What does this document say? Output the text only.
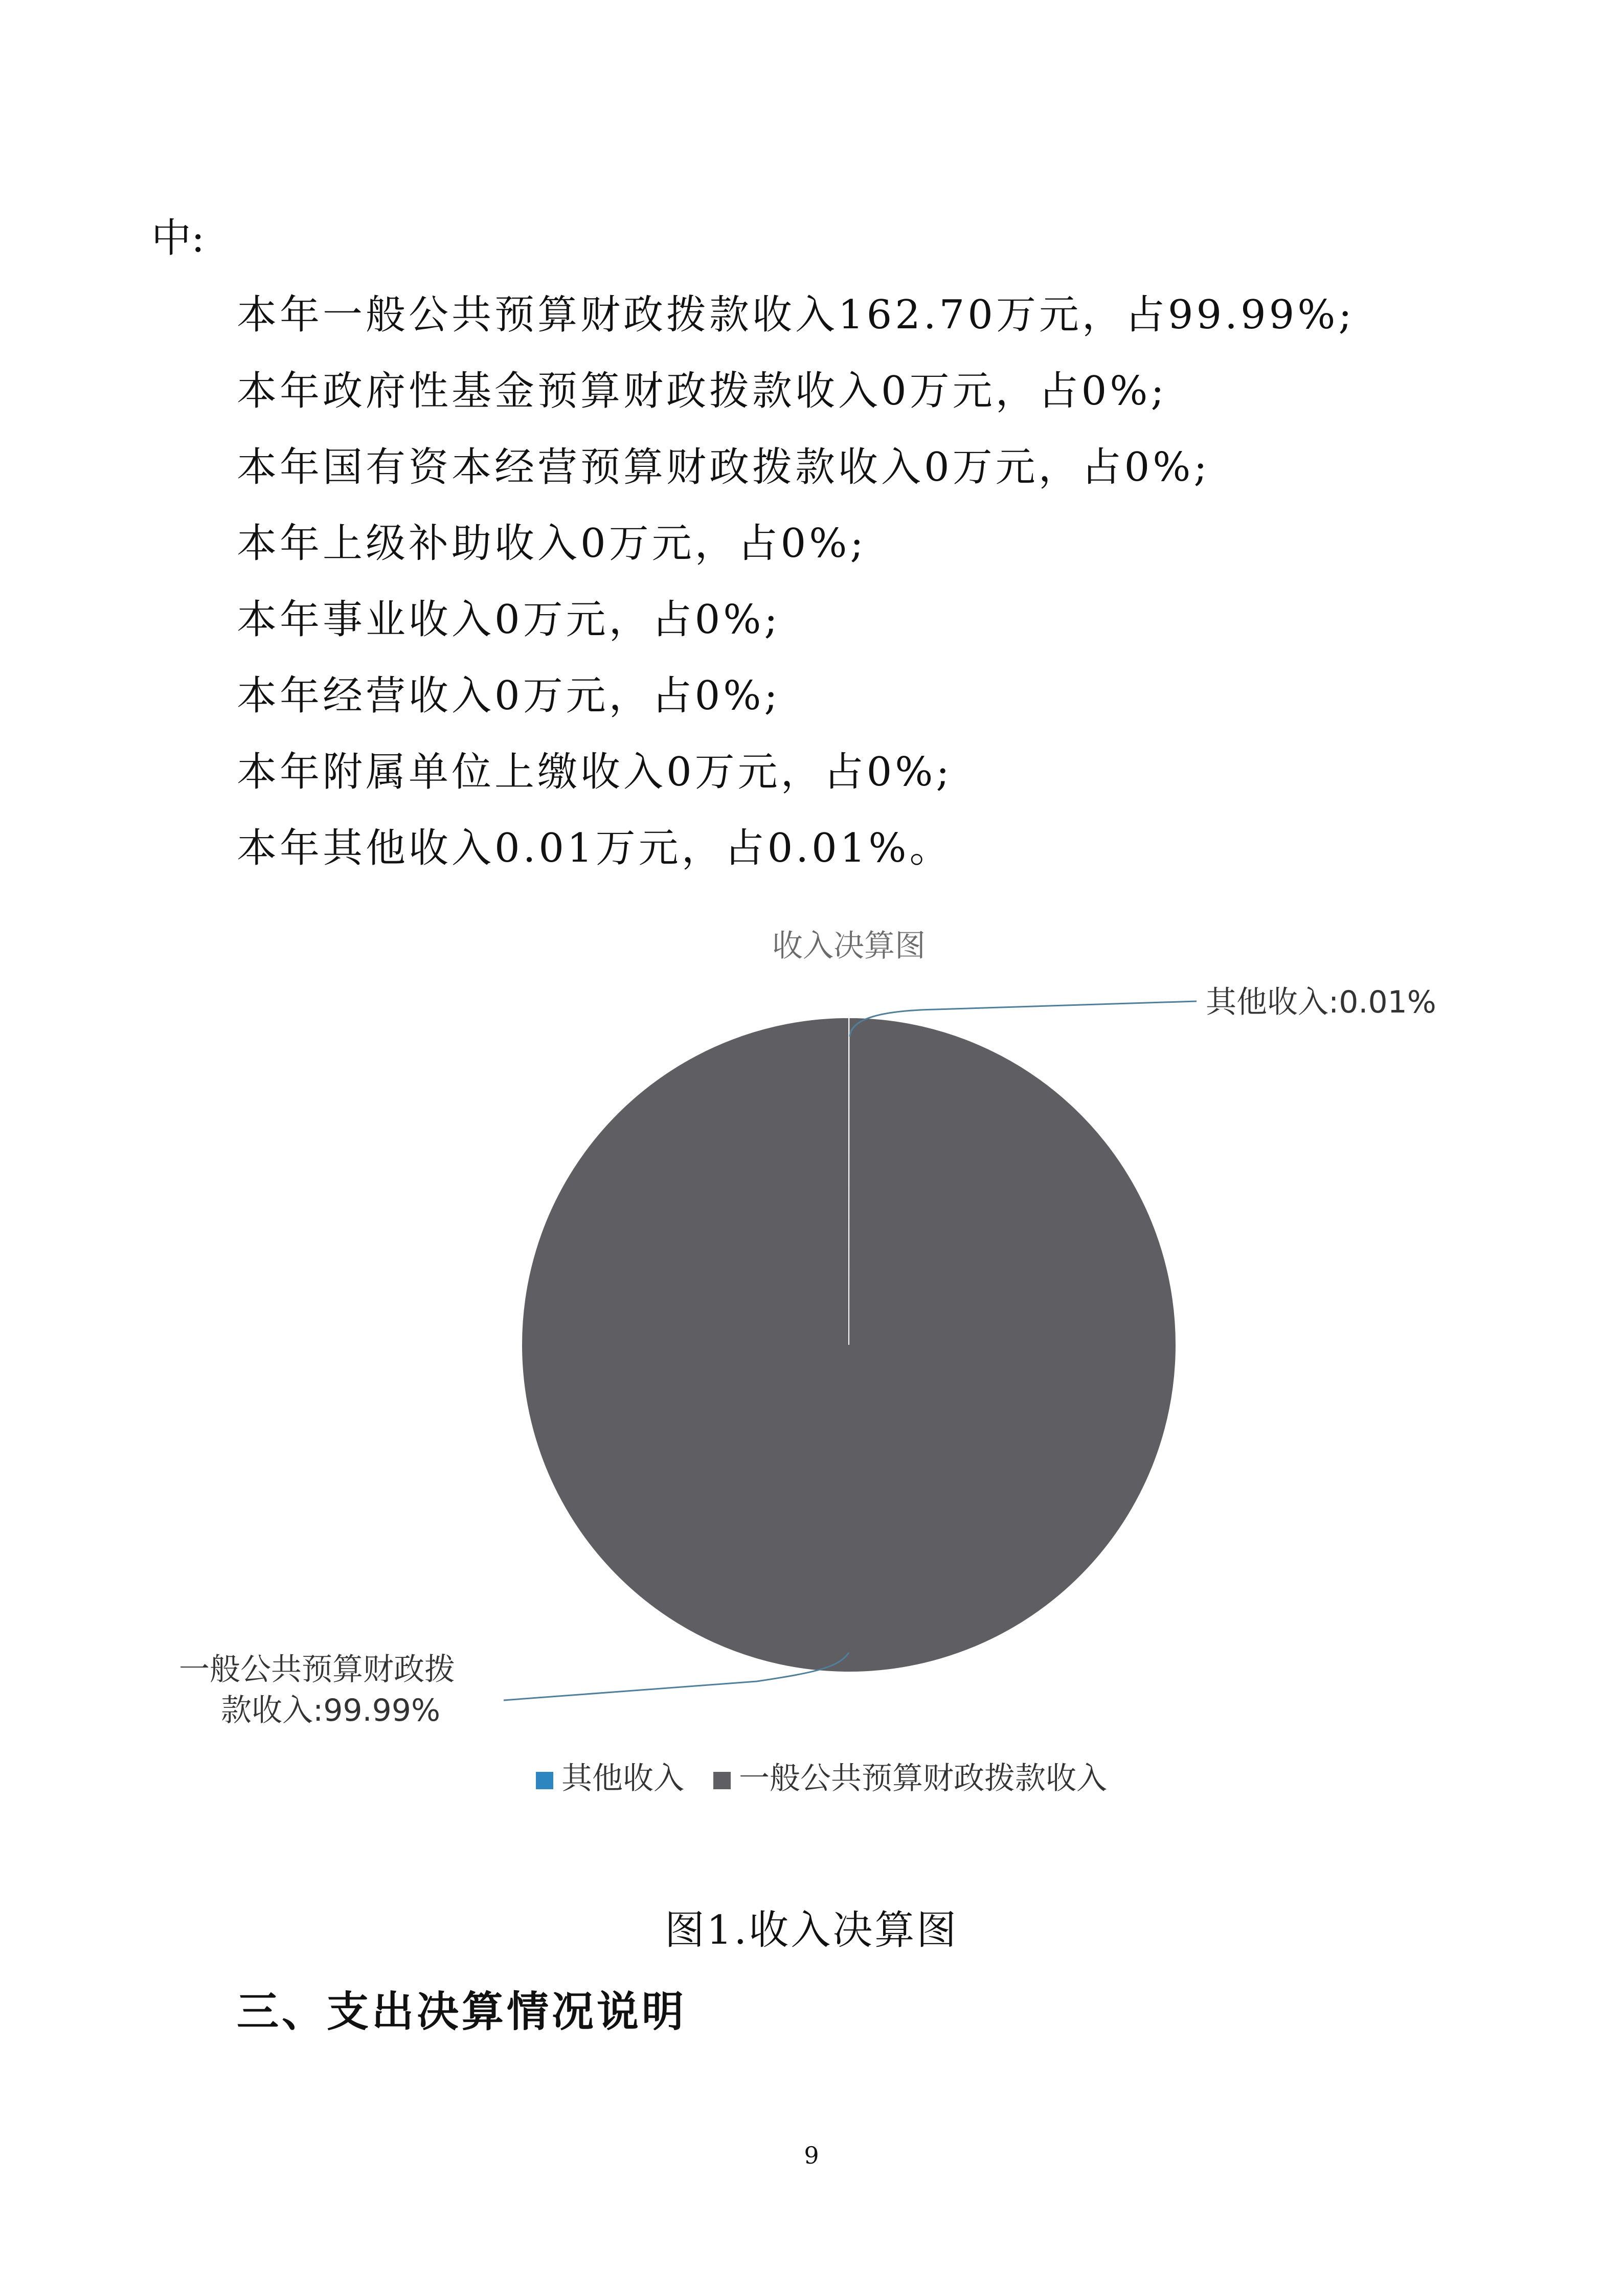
中:

本年一般公共预算财政拨款收入162.70万元，占99.99%;
本年政府性基金预算财政拨款收入0万元，占0%;
本年国有资本经营预算财政拨款收入0万元，占0%;
本年上级补助收入0万元，占0%;
本年事业收入0万元，占0%;
本年经营收入0万元，占0%;
本年附属单位上缴收入0万元，占0%;
本年其他收入0.01万元，占0.01%。
收入决算图
其他收入:0.01%
一般公共预算财政拨 款收入:99.99%
其他收入 一般公共预算财政拨款收入
图1.收入决算图
三、支出决算情况说明
9
